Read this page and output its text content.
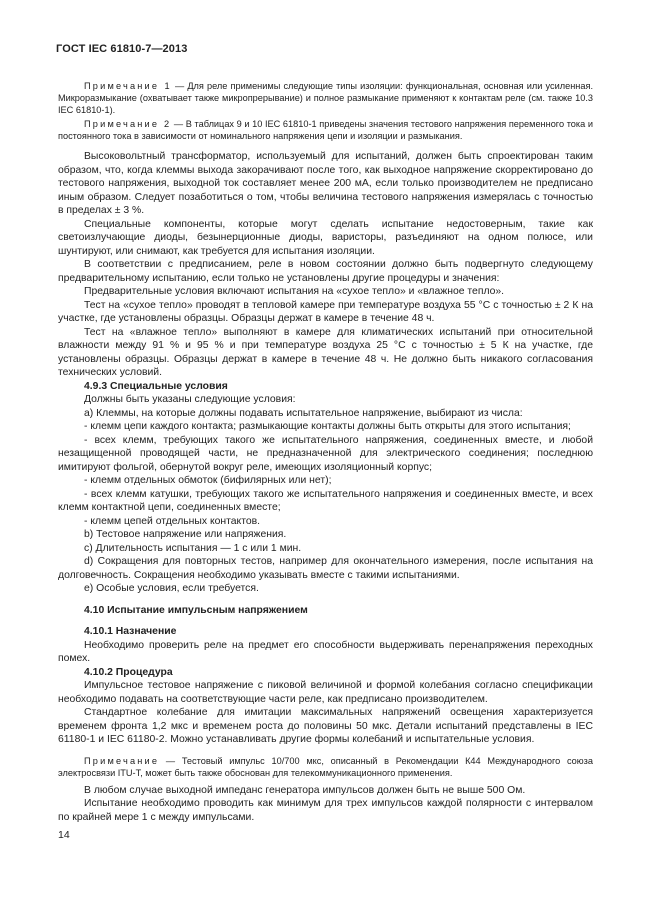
ГОСТ IEC 61810-7—2013

Примечание 1 — Для реле применимы следующие типы изоляции: функциональная, основная или усиленная. Микроразмыкание (охватывает также микропрерывание) и полное размыкание применяют к контактам реле (см. также 10.3 IEC 61810-1).

Примечание 2 — В таблицах 9 и 10 IEC 61810-1 приведены значения тестового напряжения переменного тока и постоянного тока в зависимости от номинального напряжения цепи и изоляции и размыкания.

Высоковольтный трансформатор, используемый для испытаний, должен быть спроектирован таким образом, что, когда клеммы выхода закорачивают после того, как выходное напряжение скорректировано до тестового напряжения, выходной ток составляет менее 200 мА, если только производителем не предписано иным образом. Следует позаботиться о том, чтобы величина тестового напряжения измерялась с точностью в пределах ± 3 %.

Специальные компоненты, которые могут сделать испытание недостоверным, такие как светоизлучающие диоды, безынерционные диоды, варисторы, разъединяют на одном полюсе, или шунтируют, или снимают, как требуется для испытания изоляции.

В соответствии с предписанием, реле в новом состоянии должно быть подвергнуто следующему предварительному испытанию, если только не установлены другие процедуры и значения:

Предварительные условия включают испытания на «сухое тепло» и «влажное тепло».

Тест на «сухое тепло» проводят в тепловой камере при температуре воздуха 55 °С с точностью ± 2 К на участке, где установлены образцы. Образцы держат в камере в течение 48 ч.

Тест на «влажное тепло» выполняют в камере для климатических испытаний при относительной влажности между 91 % и 95 % и при температуре воздуха 25 °С с точностью ± 5 К на участке, где установлены образцы. Образцы держат в камере в течение 48 ч. Не должно быть никакого согласования технических условий.

4.9.3 Специальные условия

Должны быть указаны следующие условия:

а) Клеммы, на которые должны подавать испытательное напряжение, выбирают из числа:

- клемм цепи каждого контакта; размыкающие контакты должны быть открыты для этого испытания;

- всех клемм, требующих такого же испытательного напряжения, соединенных вместе, и любой незащищенной проводящей части, не предназначенной для электрического соединения; последнюю имитируют фольгой, обернутой вокруг реле, имеющих изоляционный корпус;

- клемм отдельных обмоток (бифилярных или нет);

- всех клемм катушки, требующих такого же испытательного напряжения и соединенных вместе, и всех клемм контактной цепи, соединенных вместе;

- клемм цепей отдельных контактов.

b) Тестовое напряжение или напряжения.

с) Длительность испытания — 1 с или 1 мин.

d) Сокращения для повторных тестов, например для окончательного измерения, после испытания на долговечность. Сокращения необходимо указывать вместе с такими испытаниями.

е) Особые условия, если требуется.

4.10 Испытание импульсным напряжением

4.10.1 Назначение

Необходимо проверить реле на предмет его способности выдерживать перенапряжения переходных помех.

4.10.2 Процедура

Импульсное тестовое напряжение с пиковой величиной и формой колебания согласно спецификации необходимо подавать на соответствующие части реле, как предписано производителем.

Стандартное колебание для имитации максимальных напряжений освещения характеризуется временем фронта 1,2 мкс и временем роста до половины 50 мкс. Детали испытаний представлены в IEC 61180-1 и IEC 61180-2. Можно устанавливать другие формы колебаний и испытательные условия.

Примечание — Тестовый импульс 10/700 мкс, описанный в Рекомендации К44 Международного союза электросвязи ITU-T, может быть также обоснован для телекоммуникационного применения.

В любом случае выходной импеданс генератора импульсов должен быть не выше 500 Ом.

Испытание необходимо проводить как минимум для трех импульсов каждой полярности с интервалом по крайней мере 1 с между импульсами.

14
